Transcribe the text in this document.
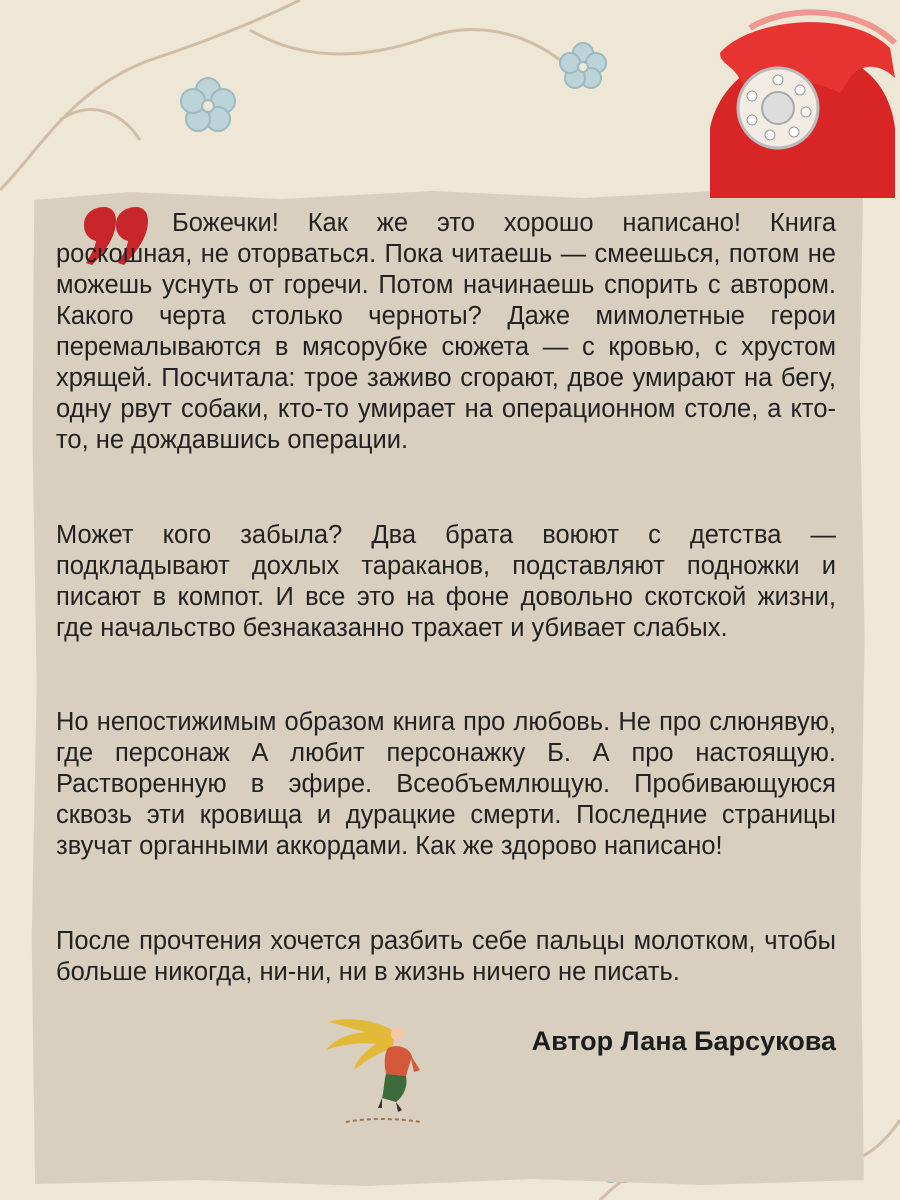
Божечки! Как же это хорошо написано! Книга роскошная, не оторваться. Пока читаешь — смеешься, потом не можешь уснуть от горечи. Потом начинаешь спорить с автором. Какого черта столько черноты? Даже мимолетные герои перемалываются в мясорубке сюжета — с кровью, с хрустом хрящей. Посчитала: трое заживо сгорают, двое умирают на бегу, одну рвут собаки, кто-то умирает на операционном столе, а кто-то, не дождавшись операции.

Может кого забыла? Два брата воюют с детства — подкладывают дохлых тараканов, подставляют подножки и писают в компот. И все это на фоне довольно скотской жизни, где начальство безнаказанно трахает и убивает слабых.

Но непостижимым образом книга про любовь. Не про слюнявую, где персонаж А любит персонажку Б. А про настоящую. Растворенную в эфире. Всеобъемлющую. Пробивающуюся сквозь эти кровища и дурацкие смерти. Последние страницы звучат органными аккордами. Как же здорово написано!

После прочтения хочется разбить себе пальцы молотком, чтобы больше никогда, ни-ни, ни в жизнь ничего не писать.

Автор Лана Барсукова
